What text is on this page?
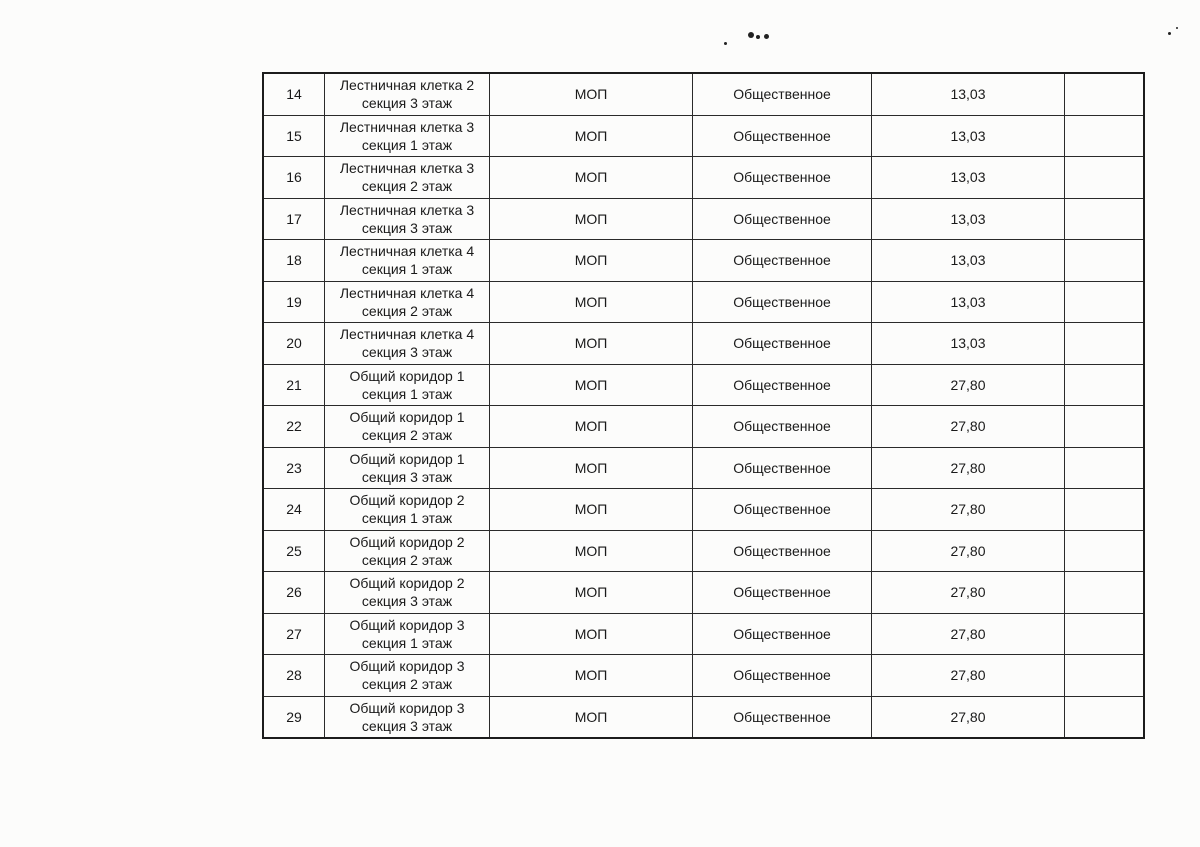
14	Лестничная клетка 2
секция 3 этаж	МОП	Общественное	13,03	
15	Лестничная клетка 3
секция 1 этаж	МОП	Общественное	13,03	
16	Лестничная клетка 3
секция 2 этаж	МОП	Общественное	13,03	
17	Лестничная клетка 3
секция 3 этаж	МОП	Общественное	13,03	
18	Лестничная клетка 4
секция 1 этаж	МОП	Общественное	13,03	
19	Лестничная клетка 4
секция 2 этаж	МОП	Общественное	13,03	
20	Лестничная клетка 4
секция 3 этаж	МОП	Общественное	13,03	
21	Общий коридор 1
секция 1 этаж	МОП	Общественное	27,80	
22	Общий коридор 1
секция 2 этаж	МОП	Общественное	27,80	
23	Общий коридор 1
секция 3 этаж	МОП	Общественное	27,80	
24	Общий коридор 2
секция 1 этаж	МОП	Общественное	27,80	
25	Общий коридор 2
секция 2 этаж	МОП	Общественное	27,80	
26	Общий коридор 2
секция 3 этаж	МОП	Общественное	27,80	
27	Общий коридор 3
секция 1 этаж	МОП	Общественное	27,80	
28	Общий коридор 3
секция 2 этаж	МОП	Общественное	27,80	
29	Общий коридор 3
секция 3 этаж	МОП	Общественное	27,80	
